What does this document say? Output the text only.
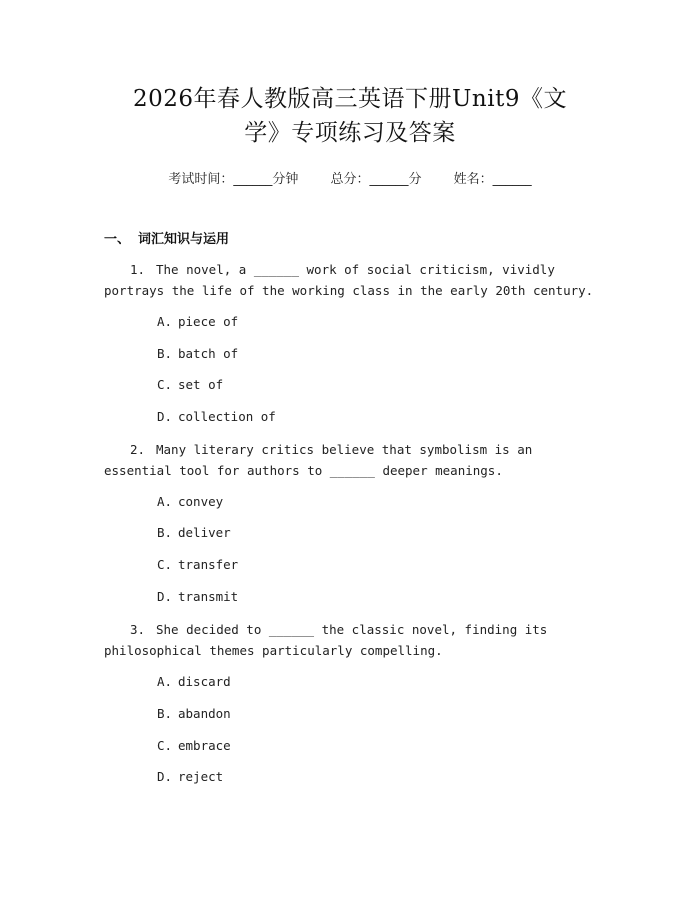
2026年春人教版高三英语下册Unit9《文
学》专项练习及答案
考试时间：______分钟 总分：______分 姓名：______
一、 词汇知识与运用
1. The novel, a ______ work of social criticism, vividly portrays the life of the working class in the early 20th century.
A. piece of
B. batch of
C. set of
D. collection of
2. Many literary critics believe that symbolism is an essential tool for authors to ______ deeper meanings.
A. convey
B. deliver
C. transfer
D. transmit
3. She decided to ______ the classic novel, finding its philosophical themes particularly compelling.
A. discard
B. abandon
C. embrace
D. reject
